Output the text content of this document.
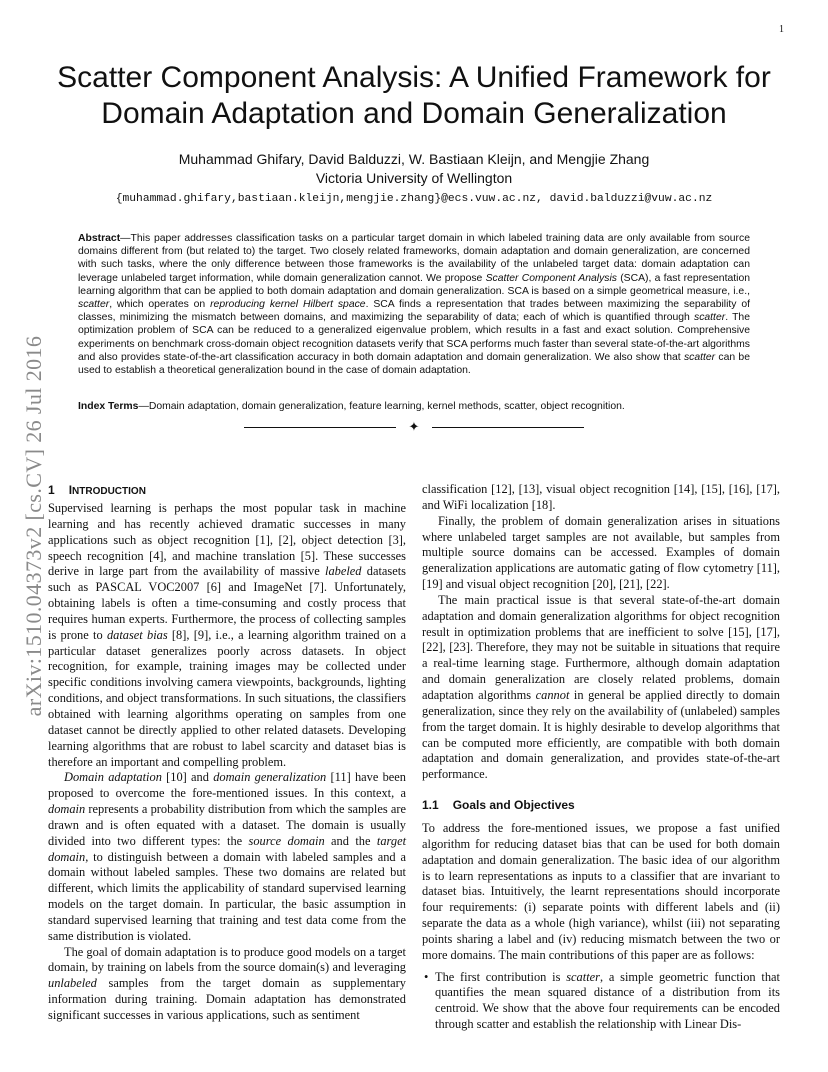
1
arXiv:1510.04373v2 [cs.CV] 26 Jul 2016
Scatter Component Analysis: A Unified Framework for Domain Adaptation and Domain Generalization
Muhammad Ghifary, David Balduzzi, W. Bastiaan Kleijn, and Mengjie Zhang
Victoria University of Wellington
{muhammad.ghifary,bastiaan.kleijn,mengjie.zhang}@ecs.vuw.ac.nz, david.balduzzi@vuw.ac.nz
Abstract—This paper addresses classification tasks on a particular target domain in which labeled training data are only available from source domains different from (but related to) the target. Two closely related frameworks, domain adaptation and domain generalization, are concerned with such tasks, where the only difference between those frameworks is the availability of the unlabeled target data: domain adaptation can leverage unlabeled target information, while domain generalization cannot. We propose Scatter Component Analysis (SCA), a fast representation learning algorithm that can be applied to both domain adaptation and domain generalization. SCA is based on a simple geometrical measure, i.e., scatter, which operates on reproducing kernel Hilbert space. SCA finds a representation that trades between maximizing the separability of classes, minimizing the mismatch between domains, and maximizing the separability of data; each of which is quantified through scatter. The optimization problem of SCA can be reduced to a generalized eigenvalue problem, which results in a fast and exact solution. Comprehensive experiments on benchmark cross-domain object recognition datasets verify that SCA performs much faster than several state-of-the-art algorithms and also provides state-of-the-art classification accuracy in both domain adaptation and domain generalization. We also show that scatter can be used to establish a theoretical generalization bound in the case of domain adaptation.
Index Terms—Domain adaptation, domain generalization, feature learning, kernel methods, scatter, object recognition.
✦
1 INTRODUCTION

Supervised learning is perhaps the most popular task in machine learning and has recently achieved dramatic successes in many applications such as object recognition [1], [2], object detection [3], speech recognition [4], and machine translation [5]. These successes derive in large part from the availability of massive labeled datasets such as PASCAL VOC2007 [6] and ImageNet [7]. Unfortunately, obtaining labels is often a time-consuming and costly process that requires human experts. Furthermore, the process of collecting samples is prone to dataset bias [8], [9], i.e., a learning algorithm trained on a particular dataset generalizes poorly across datasets. In object recognition, for example, training images may be collected under specific conditions involving camera viewpoints, backgrounds, lighting conditions, and object transformations. In such situations, the classifiers obtained with learning algorithms operating on samples from one dataset cannot be directly applied to other related datasets. Developing learning algorithms that are robust to label scarcity and dataset bias is therefore an important and compelling problem.

Domain adaptation [10] and domain generalization [11] have been proposed to overcome the fore-mentioned issues. In this context, a domain represents a probability distribution from which the samples are drawn and is often equated with a dataset. The domain is usually divided into two different types: the source domain and the target domain, to distinguish between a domain with labeled samples and a domain without labeled samples. These two domains are related but different, which limits the applicability of standard supervised learning models on the target domain. In particular, the basic assumption in standard supervised learning that training and test data come from the same distribution is violated.

The goal of domain adaptation is to produce good models on a target domain, by training on labels from the source domain(s) and leveraging unlabeled samples from the target domain as supplementary information during training. Domain adaptation has demonstrated significant successes in various applications, such as sentiment

classification [12], [13], visual object recognition [14], [15], [16], [17], and WiFi localization [18].

Finally, the problem of domain generalization arises in situations where unlabeled target samples are not available, but samples from multiple source domains can be accessed. Examples of domain generalization applications are automatic gating of flow cytometry [11], [19] and visual object recognition [20], [21], [22].

The main practical issue is that several state-of-the-art domain adaptation and domain generalization algorithms for object recognition result in optimization problems that are inefficient to solve [15], [17], [22], [23]. Therefore, they may not be suitable in situations that require a real-time learning stage. Furthermore, although domain adaptation and domain generalization are closely related problems, domain adaptation algorithms cannot in general be applied directly to domain generalization, since they rely on the availability of (unlabeled) samples from the target domain. It is highly desirable to develop algorithms that can be computed more efficiently, are compatible with both domain adaptation and domain generalization, and provides state-of-the-art performance.

1.1 Goals and Objectives

To address the fore-mentioned issues, we propose a fast unified algorithm for reducing dataset bias that can be used for both domain adaptation and domain generalization. The basic idea of our algorithm is to learn representations as inputs to a classifier that are invariant to dataset bias. Intuitively, the learnt representations should incorporate four requirements: (i) separate points with different labels and (ii) separate the data as a whole (high variance), whilst (iii) not separating points sharing a label and (iv) reducing mismatch between the two or more domains. The main contributions of this paper are as follows:

• The first contribution is scatter, a simple geometric function that quantifies the mean squared distance of a distribution from its centroid. We show that the above four requirements can be encoded through scatter and establish the relationship with Linear Dis-
